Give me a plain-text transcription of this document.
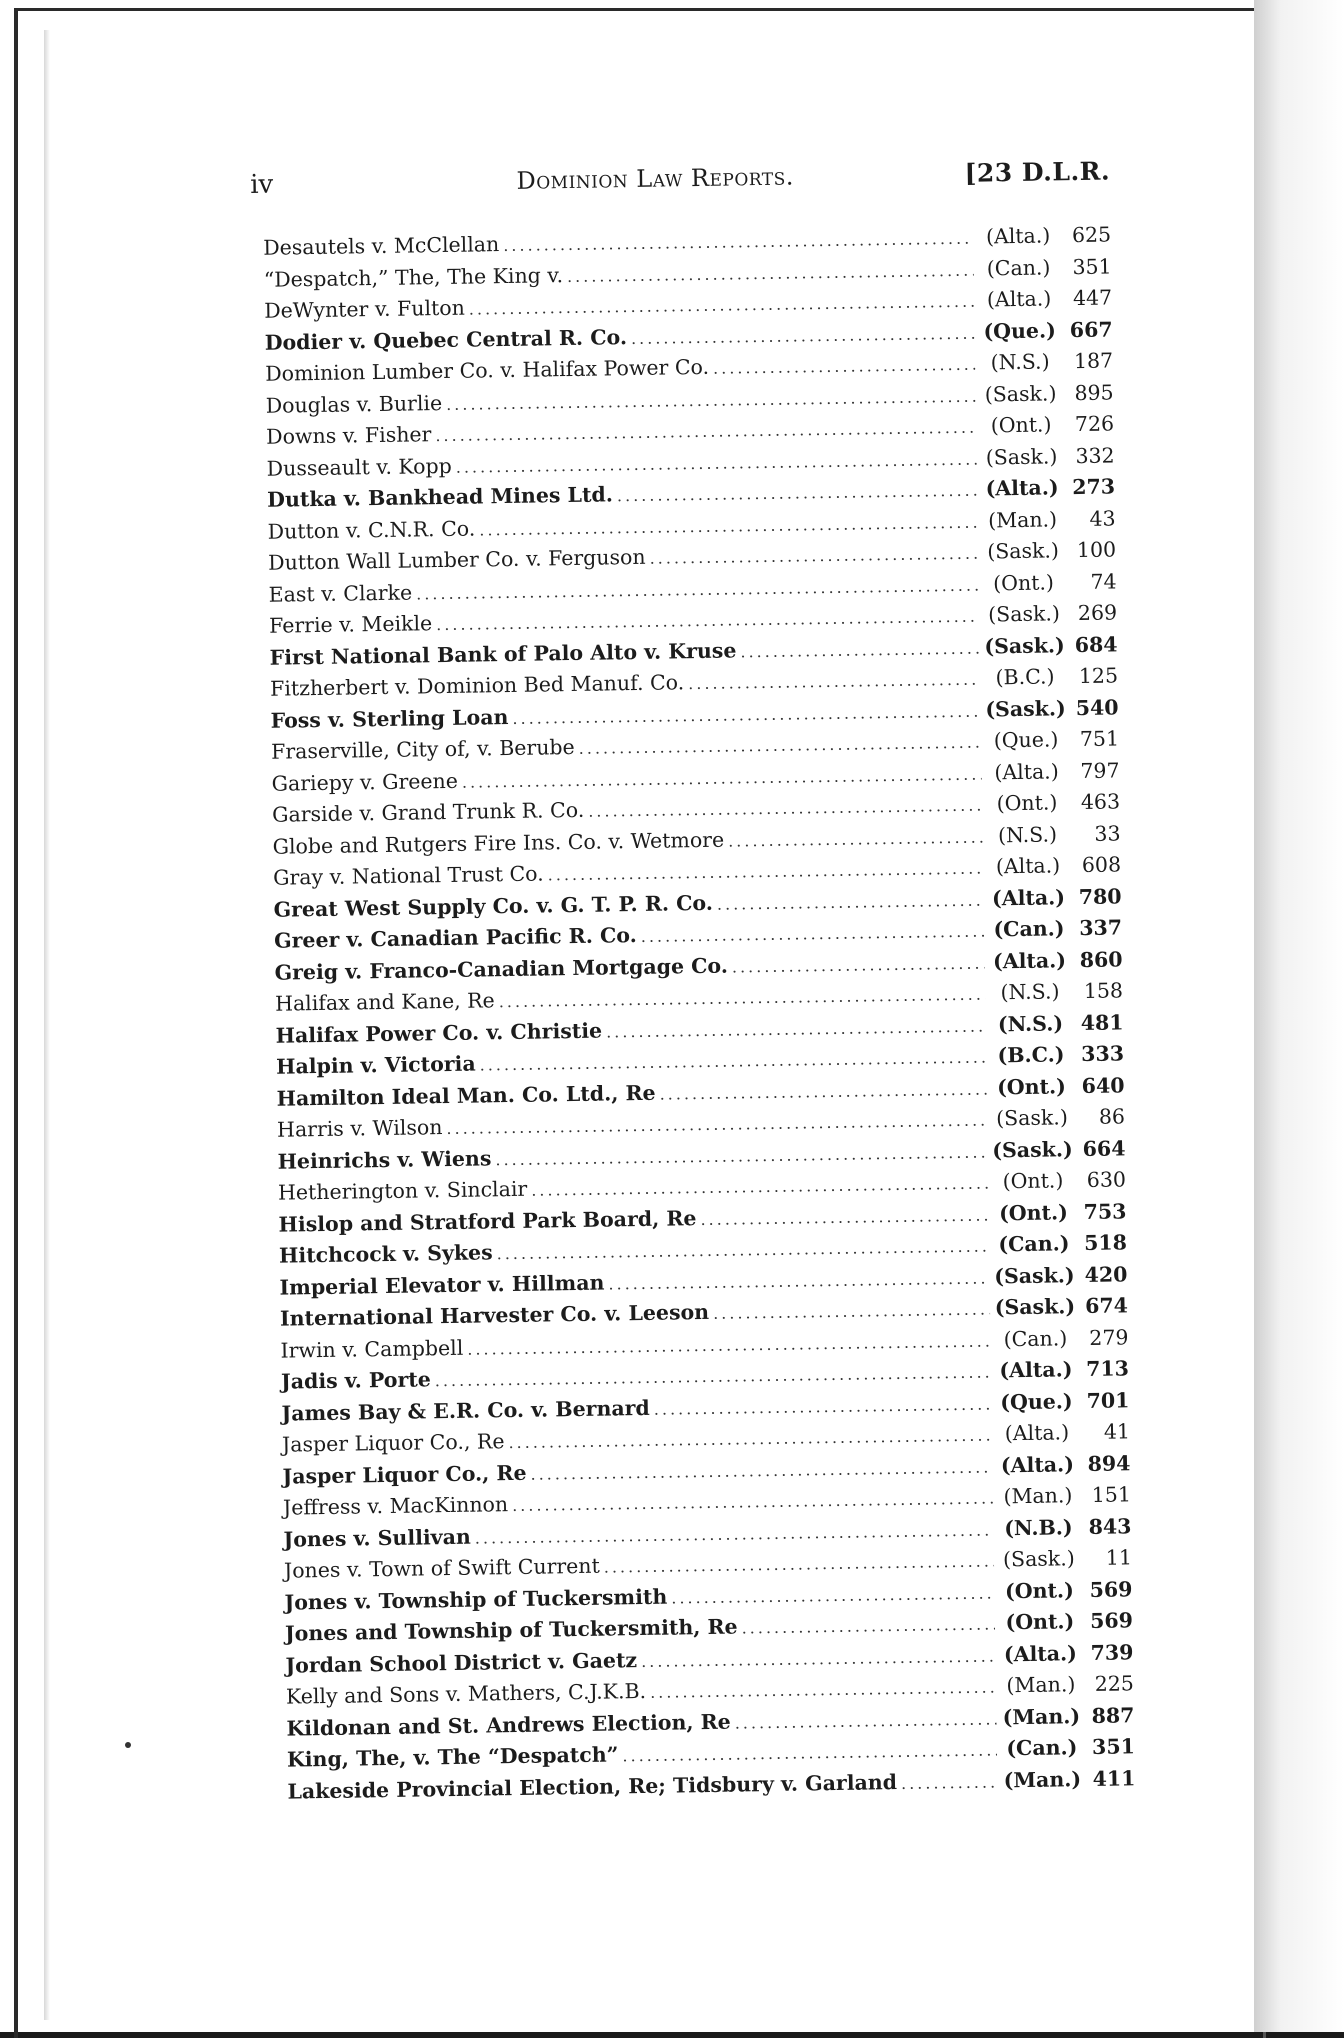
iv	Dominion Law Reports.	[23 D.L.R.
Desautels v. McClellan .....	(Alta.)	625
“Despatch,” The, The King v. .....	(Can.)	351
DeWynter v. Fulton .....	(Alta.)	447
Dodier v. Quebec Central R. Co. .....	(Que.) 667
Dominion Lumber Co. v. Halifax Power Co. .....	(N.S.)	187
Douglas v. Burlie .....	(Sask.) 895
Downs v. Fisher .....	(Ont.)	726
Dusseault v. Kopp .....	(Sask.) 332
Dutka v. Bankhead Mines Ltd. .....	(Alta.) 273
Dutton v. C.N.R. Co. .....	(Man.)	43
Dutton Wall Lumber Co. v. Ferguson .....	(Sask.) 100
East v. Clarke .....	(Ont.)	74
Ferrie v. Meikle .....	(Sask.) 269
First National Bank of Palo Alto v. Kruse .....	(Sask.) 684
Fitzherbert v. Dominion Bed Manuf. Co. .....	(B.C.)	125
Foss v. Sterling Loan .....	(Sask.) 540
Fraserville, City of, v. Berube .....	(Que.)	751
Gariepy v. Greene .....	(Alta.)	797
Garside v. Grand Trunk R. Co. .....	(Ont.)	463
Globe and Rutgers Fire Ins. Co. v. Wetmore .....	(N.S.)	33
Gray v. National Trust Co. .....	(Alta.)	608
Great West Supply Co. v. G. T. P. R. Co. .....	(Alta.) 780
Greer v. Canadian Pacific R. Co. .....	(Can.) 337
Greig v. Franco-Canadian Mortgage Co. .....	(Alta.) 860
Halifax and Kane, Re .....	(N.S.)	158
Halifax Power Co. v. Christie .....	(N.S.) 481
Halpin v. Victoria .....	(B.C.) 333
Hamilton Ideal Man. Co. Ltd., Re .....	(Ont.) 640
Harris v. Wilson .....	(Sask.)	86
Heinrichs v. Wiens .....	(Sask.) 664
Hetherington v. Sinclair .....	(Ont.)	630
Hislop and Stratford Park Board, Re .....	(Ont.) 753
Hitchcock v. Sykes .....	(Can.) 518
Imperial Elevator v. Hillman .....	(Sask.) 420
International Harvester Co. v. Leeson .....	(Sask.) 674
Irwin v. Campbell .....	(Can.)	279
Jadis v. Porte .....	(Alta.) 713
James Bay & E.R. Co. v. Bernard .....	(Que.) 701
Jasper Liquor Co., Re .....	(Alta.)	41
Jasper Liquor Co., Re .....	(Alta.) 894
Jeffress v. MacKinnon .....	(Man.) 151
Jones v. Sullivan .....	(N.B.) 843
Jones v. Town of Swift Current .....	(Sask.)	11
Jones v. Township of Tuckersmith .....	(Ont.) 569
Jones and Township of Tuckersmith, Re .....	(Ont.) 569
Jordan School District v. Gaetz .....	(Alta.) 739
Kelly and Sons v. Mathers, C.J.K.B. .....	(Man.) 225
Kildonan and St. Andrews Election, Re .....	(Man.) 887
King, The, v. The “Despatch” .....	(Can.) 351
Lakeside Provincial Election, Re; Tidsbury v. Garland .....	(Man.) 411
